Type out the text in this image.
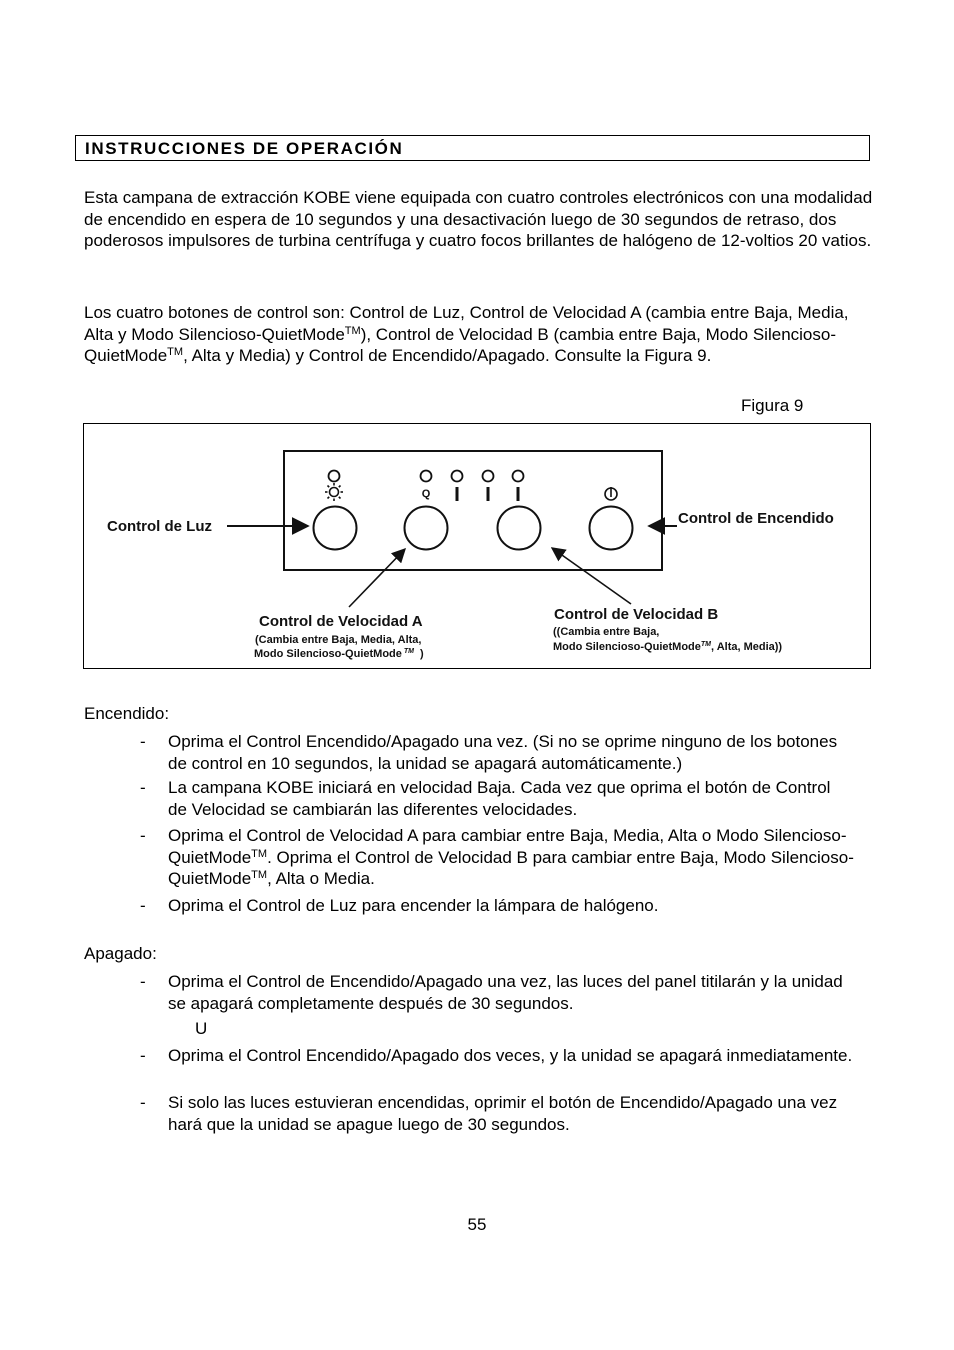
INSTRUCCIONES DE OPERACIÓN
Esta campana de extracción KOBE viene equipada con cuatro controles electrónicos con una modalidad de encendido en espera de 10 segundos y una desactivación luego de 30 segundos de retraso, dos poderosos impulsores de turbina centrífuga y cuatro focos brillantes de halógeno de 12-voltios 20 vatios.
Los cuatro botones de control son: Control de Luz, Control de Velocidad A (cambia entre Baja, Media, Alta y Modo Silencioso-QuietMode™), Control de Velocidad B (cambia entre Baja, Modo Silencioso-QuietMode™, Alta y Media) y Control de Encendido/Apagado. Consulte la Figura 9.
Figura 9
Q
Control de Luz	Control de Encendido
Control de Velocidad A
(Cambia entre Baja, Media, Alta,
Modo Silencioso-QuietMode ™ )
Control de Velocidad B
((Cambia entre Baja,
Modo Silencioso-QuietMode™, Alta, Media))
Encendido:
- Oprima el Control Encendido/Apagado una vez. (Si no se oprime ninguno de los botones de control en 10 segundos, la unidad se apagará automáticamente.)
- La campana KOBE iniciará en velocidad Baja. Cada vez que oprima el botón de Control de Velocidad se cambiarán las diferentes velocidades.
- Oprima el Control de Velocidad A para cambiar entre Baja, Media, Alta o Modo Silencioso-QuietMode™. Oprima el Control de Velocidad B para cambiar entre Baja, Modo Silencioso-QuietMode™, Alta o Media.
- Oprima el Control de Luz para encender la lámpara de halógeno.
Apagado:
- Oprima el Control de Encendido/Apagado una vez, las luces del panel titilarán y la unidad se apagará completamente después de 30 segundos.
U
- Oprima el Control Encendido/Apagado dos veces, y la unidad se apagará inmediatamente.
- Si solo las luces estuvieran encendidas, oprimir el botón de Encendido/Apagado una vez hará que la unidad se apague luego de 30 segundos.
55
